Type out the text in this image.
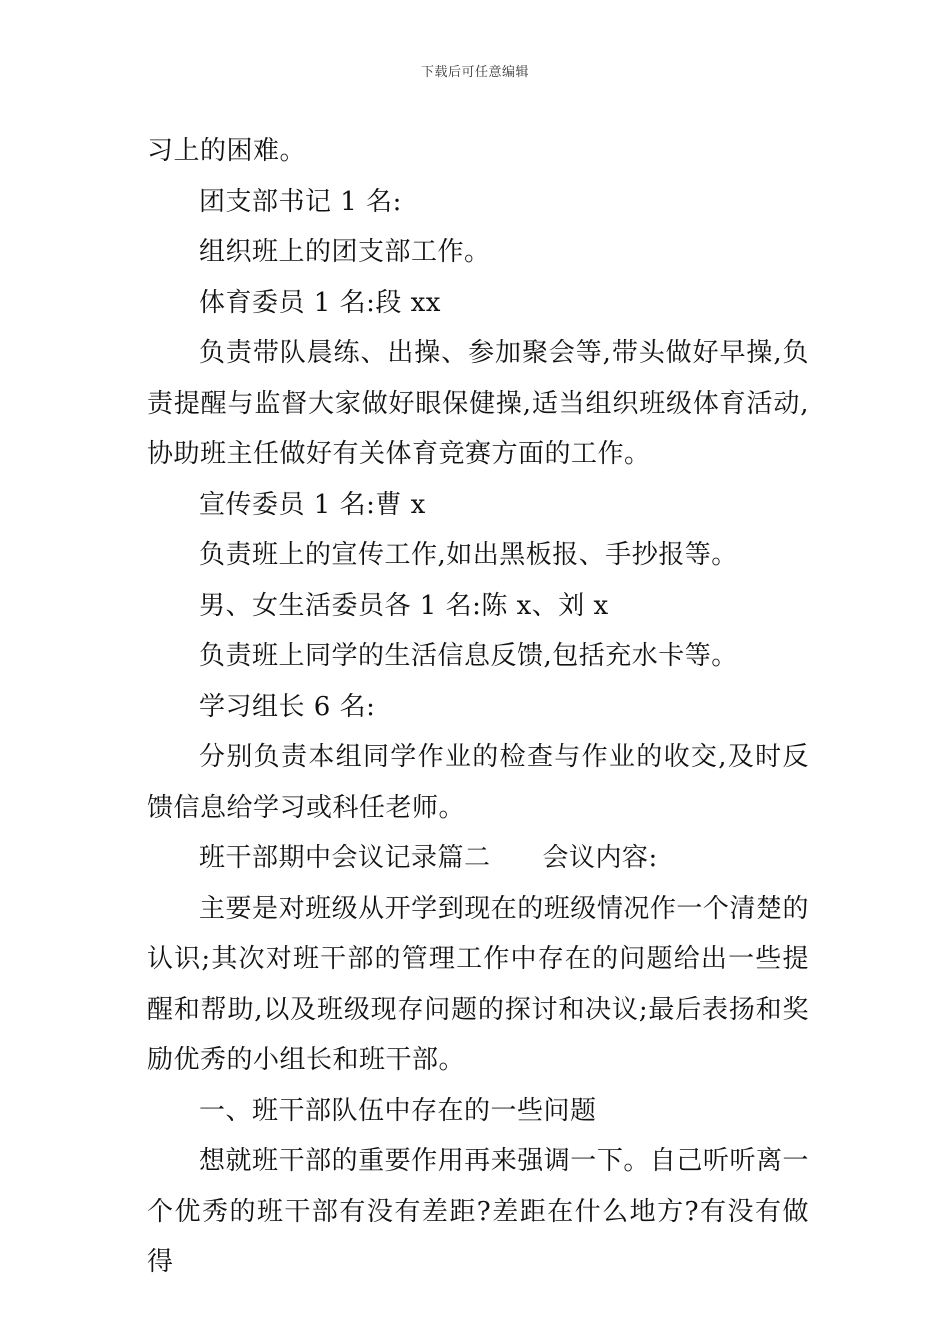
下载后可任意编辑

习上的困难。

团支部书记 1 名:

组织班上的团支部工作。

体育委员 1 名:段 xx

负责带队晨练、出操、参加聚会等,带头做好早操,负责提醒与监督大家做好眼保健操,适当组织班级体育活动,协助班主任做好有关体育竞赛方面的工作。

宣传委员 1 名:曹 x

负责班上的宣传工作,如出黑板报、手抄报等。

男、女生活委员各 1 名:陈 x、刘 x

负责班上同学的生活信息反馈,包括充水卡等。

学习组长 6 名:

分别负责本组同学作业的检查与作业的收交,及时反馈信息给学习或科任老师。

班干部期中会议记录篇二 会议内容:

主要是对班级从开学到现在的班级情况作一个清楚的认识;其次对班干部的管理工作中存在的问题给出一些提醒和帮助,以及班级现存问题的探讨和决议;最后表扬和奖励优秀的小组长和班干部。

一、班干部队伍中存在的一些问题

想就班干部的重要作用再来强调一下。自己听听离一个优秀的班干部有没有差距?差距在什么地方?有没有做得
